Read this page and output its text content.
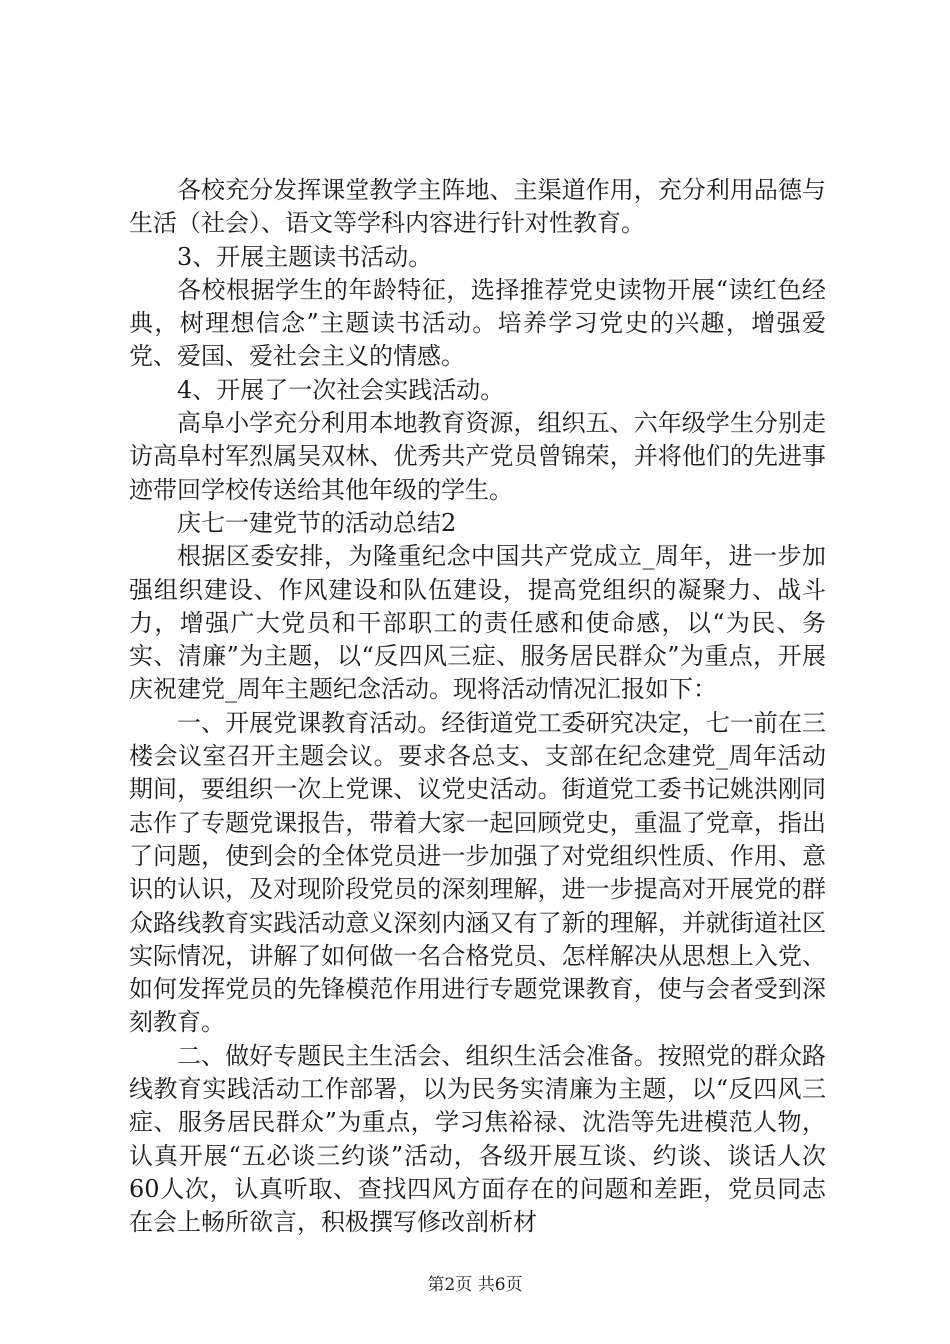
各校充分发挥课堂教学主阵地、主渠道作用，充分利用品德与生活（社会）、语文等学科内容进行针对性教育。

3、开展主题读书活动。

各校根据学生的年龄特征，选择推荐党史读物开展“读红色经典，树理想信念”主题读书活动。培养学习党史的兴趣，增强爱党、爱国、爱社会主义的情感。

4、开展了一次社会实践活动。

高阜小学充分利用本地教育资源，组织五、六年级学生分别走访高阜村军烈属吴双林、优秀共产党员曾锦荣，并将他们的先进事迹带回学校传送给其他年级的学生。

庆七一建党节的活动总结2

根据区委安排，为隆重纪念中国共产党成立_周年，进一步加强组织建设、作风建设和队伍建设，提高党组织的凝聚力、战斗力，增强广大党员和干部职工的责任感和使命感，以“为民、务实、清廉”为主题，以“反四风三症、服务居民群众”为重点，开展庆祝建党_周年主题纪念活动。现将活动情况汇报如下：

一、开展党课教育活动。经街道党工委研究决定，七一前在三楼会议室召开主题会议。要求各总支、支部在纪念建党_周年活动期间，要组织一次上党课、议党史活动。街道党工委书记姚洪刚同志作了专题党课报告，带着大家一起回顾党史，重温了党章，指出了问题，使到会的全体党员进一步加强了对党组织性质、作用、意识的认识，及对现阶段党员的深刻理解，进一步提高对开展党的群众路线教育实践活动意义深刻内涵又有了新的理解，并就街道社区实际情况，讲解了如何做一名合格党员、怎样解决从思想上入党、如何发挥党员的先锋模范作用进行专题党课教育，使与会者受到深刻教育。

二、做好专题民主生活会、组织生活会准备。按照党的群众路线教育实践活动工作部署，以为民务实清廉为主题，以“反四风三症、服务居民群众”为重点，学习焦裕禄、沈浩等先进模范人物，认真开展“五必谈三约谈”活动，各级开展互谈、约谈、谈话人次60人次，认真听取、查找四风方面存在的问题和差距，党员同志在会上畅所欲言，积极撰写修改剖析材

第2页 共6页
